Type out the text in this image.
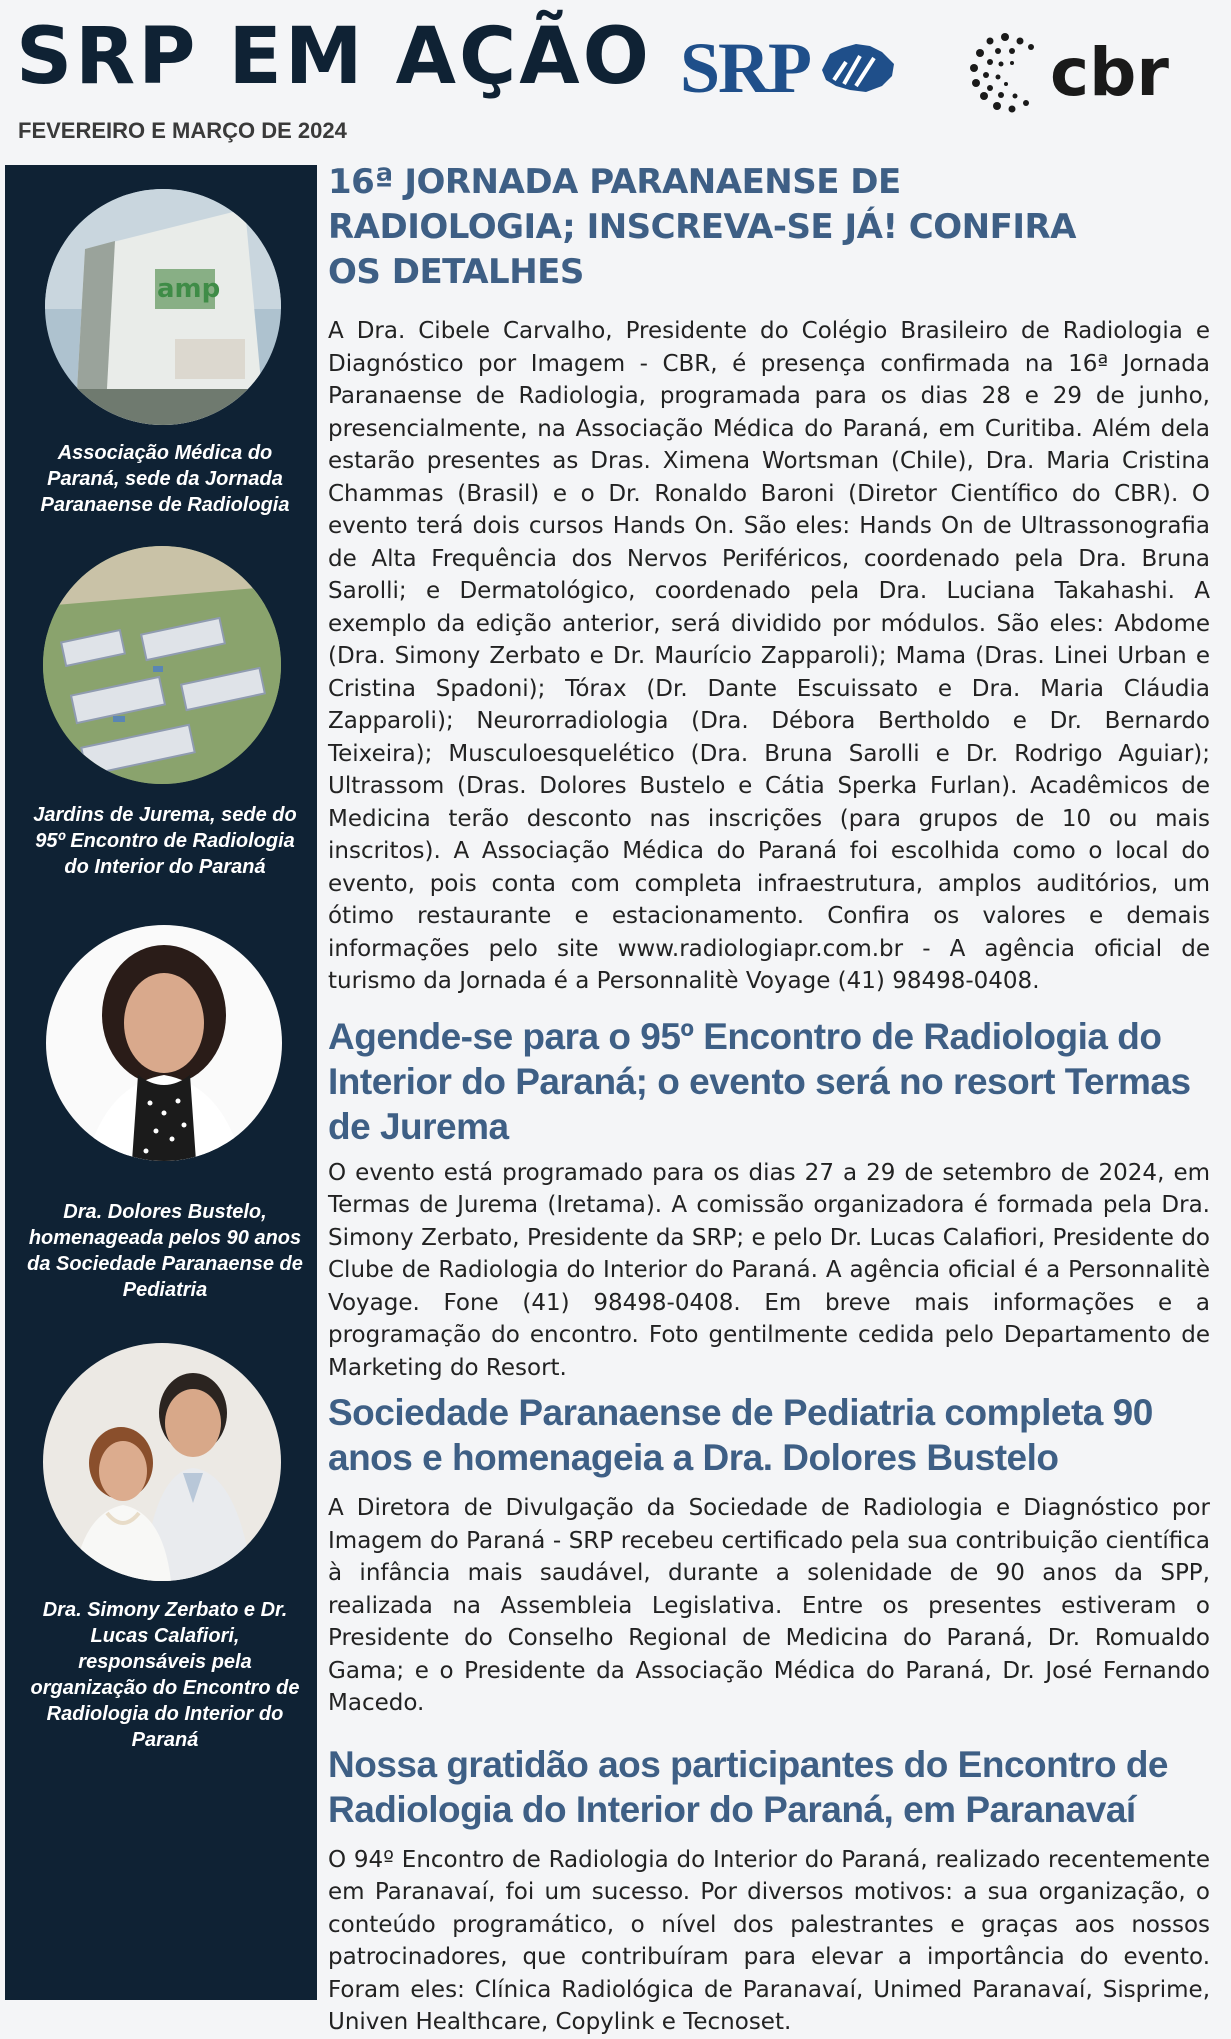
SRP EM AÇÃO
FEVEREIRO E MARÇO DE 2024
SRP	cbr
amp
Associação Médica do Paraná, sede da Jornada Paranaense de Radiologia
Jardins de Jurema, sede do 95º Encontro de Radiologia do Interior do Paraná
Dra. Dolores Bustelo, homenageada pelos 90 anos da Sociedade Paranaense de Pediatria
Dra. Simony Zerbato e Dr. Lucas Calafiori, responsáveis pela organização do Encontro de Radiologia do Interior do Paraná
16ª JORNADA PARANAENSE DE RADIOLOGIA; INSCREVA-SE JÁ! CONFIRA OS DETALHES

A Dra. Cibele Carvalho, Presidente do Colégio Brasileiro de Radiologia e Diagnóstico por Imagem - CBR, é presença confirmada na 16ª Jornada Paranaense de Radiologia, programada para os dias 28 e 29 de junho, presencialmente, na Associação Médica do Paraná, em Curitiba. Além dela estarão presentes as Dras. Ximena Wortsman (Chile), Dra. Maria Cristina Chammas (Brasil) e o Dr. Ronaldo Baroni (Diretor Científico do CBR). O evento terá dois cursos Hands On. São eles: Hands On de Ultrassonografia de Alta Frequência dos Nervos Periféricos, coordenado pela Dra. Bruna Sarolli; e Dermatológico, coordenado pela Dra. Luciana Takahashi. A exemplo da edição anterior, será dividido por módulos. São eles: Abdome (Dra. Simony Zerbato e Dr. Maurício Zapparoli); Mama (Dras. Linei Urban e Cristina Spadoni); Tórax (Dr. Dante Escuissato e Dra. Maria Cláudia Zapparoli); Neurorradiologia (Dra. Débora Bertholdo e Dr. Bernardo Teixeira); Musculoesquelético (Dra. Bruna Sarolli e Dr. Rodrigo Aguiar); Ultrassom (Dras. Dolores Bustelo e Cátia Sperka Furlan). Acadêmicos de Medicina terão desconto nas inscrições (para grupos de 10 ou mais inscritos). A Associação Médica do Paraná foi escolhida como o local do evento, pois conta com completa infraestrutura, amplos auditórios, um ótimo restaurante e estacionamento. Confira os valores e demais informações pelo site www.radiologiapr.com.br - A agência oficial de turismo da Jornada é a Personnalitè Voyage (41) 98498-0408.

Agende-se para o 95º Encontro de Radiologia do Interior do Paraná; o evento será no resort Termas de Jurema

O evento está programado para os dias 27 a 29 de setembro de 2024, em Termas de Jurema (Iretama). A comissão organizadora é formada pela Dra. Simony Zerbato, Presidente da SRP; e pelo Dr. Lucas Calafiori, Presidente do Clube de Radiologia do Interior do Paraná. A agência oficial é a Personnalitè Voyage. Fone (41) 98498-0408. Em breve mais informações e a programação do encontro. Foto gentilmente cedida pelo Departamento de Marketing do Resort.

Sociedade Paranaense de Pediatria completa 90 anos e homenageia a Dra. Dolores Bustelo

A Diretora de Divulgação da Sociedade de Radiologia e Diagnóstico por Imagem do Paraná - SRP recebeu certificado pela sua contribuição científica à infância mais saudável, durante a solenidade de 90 anos da SPP, realizada na Assembleia Legislativa. Entre os presentes estiveram o Presidente do Conselho Regional de Medicina do Paraná, Dr. Romualdo Gama; e o Presidente da Associação Médica do Paraná, Dr. José Fernando Macedo.

Nossa gratidão aos participantes do Encontro de Radiologia do Interior do Paraná, em Paranavaí

O 94º Encontro de Radiologia do Interior do Paraná, realizado recentemente em Paranavaí, foi um sucesso. Por diversos motivos: a sua organização, o conteúdo programático, o nível dos palestrantes e graças aos nossos patrocinadores, que contribuíram para elevar a importância do evento. Foram eles: Clínica Radiológica de Paranavaí, Unimed Paranavaí, Sisprime, Univen Healthcare, Copylink e Tecnoset.
